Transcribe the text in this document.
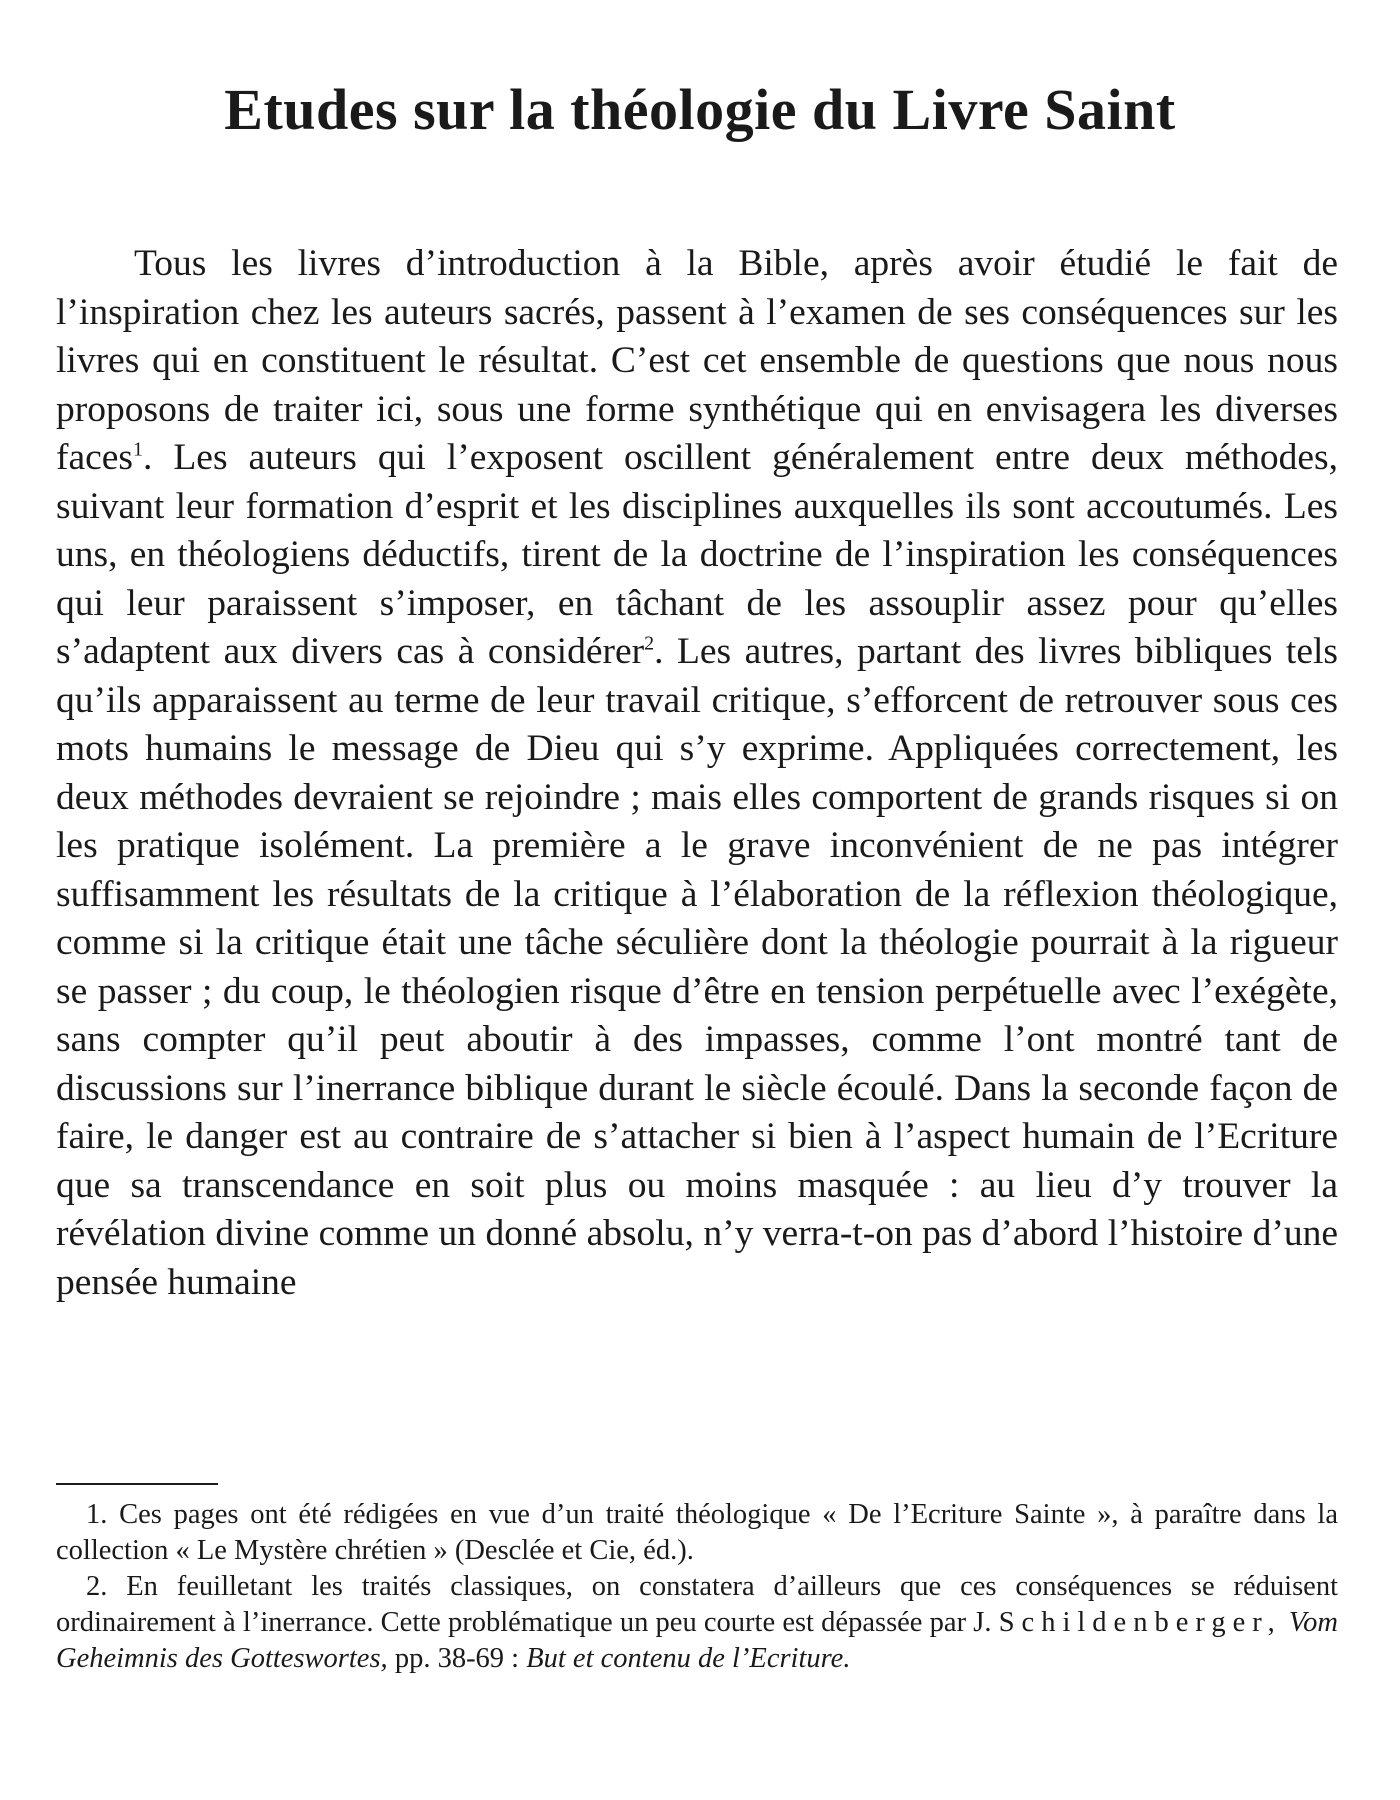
Etudes sur la théologie du Livre Saint

Tous les livres d’introduction à la Bible, après avoir étudié le fait de l’inspiration chez les auteurs sacrés, passent à l’examen de ses conséquences sur les livres qui en constituent le résultat. C’est cet ensemble de questions que nous nous proposons de traiter ici, sous une forme synthétique qui en envisagera les diverses faces$^1$. Les auteurs qui l’exposent oscillent généralement entre deux méthodes, suivant leur formation d’esprit et les disciplines auxquelles ils sont accoutumés. Les uns, en théologiens déductifs, tirent de la doctrine de l’inspiration les conséquences qui leur paraissent s’imposer, en tâchant de les assouplir assez pour qu’elles s’adaptent aux divers cas à considérer$^2$. Les autres, partant des livres bibliques tels qu’ils apparaissent au terme de leur travail critique, s’efforcent de retrouver sous ces mots humains le message de Dieu qui s’y exprime. Appliquées correctement, les deux méthodes devraient se rejoindre ; mais elles comportent de grands risques si on les pratique isolément. La première a le grave inconvénient de ne pas intégrer suffisamment les résultats de la critique à l’élaboration de la réflexion théologique, comme si la critique était une tâche séculière dont la théologie pourrait à la rigueur se passer ; du coup, le théologien risque d’être en tension perpétuelle avec l’exégète, sans compter qu’il peut aboutir à des impasses, comme l’ont montré tant de discussions sur l’inerrance biblique durant le siècle écoulé. Dans la seconde façon de faire, le danger est au contraire de s’attacher si bien à l’aspect humain de l’Ecriture que sa transcendance en soit plus ou moins masquée : au lieu d’y trouver la révélation divine comme un donné absolu, n’y verra-t-on pas d’abord l’histoire d’une pensée humaine

1. Ces pages ont été rédigées en vue d’un traité théologique « De l’Ecriture Sainte », à paraître dans la collection « Le Mystère chrétien » (Desclée et Cie, éd.).

2. En feuilletant les traités classiques, on constatera d’ailleurs que ces conséquences se réduisent ordinairement à l’inerrance. Cette problématique un peu courte est dépassée par J. Schildenberger, Vom Geheimnis des Gotteswortes, pp. 38-69 : But et contenu de l’Ecriture.
